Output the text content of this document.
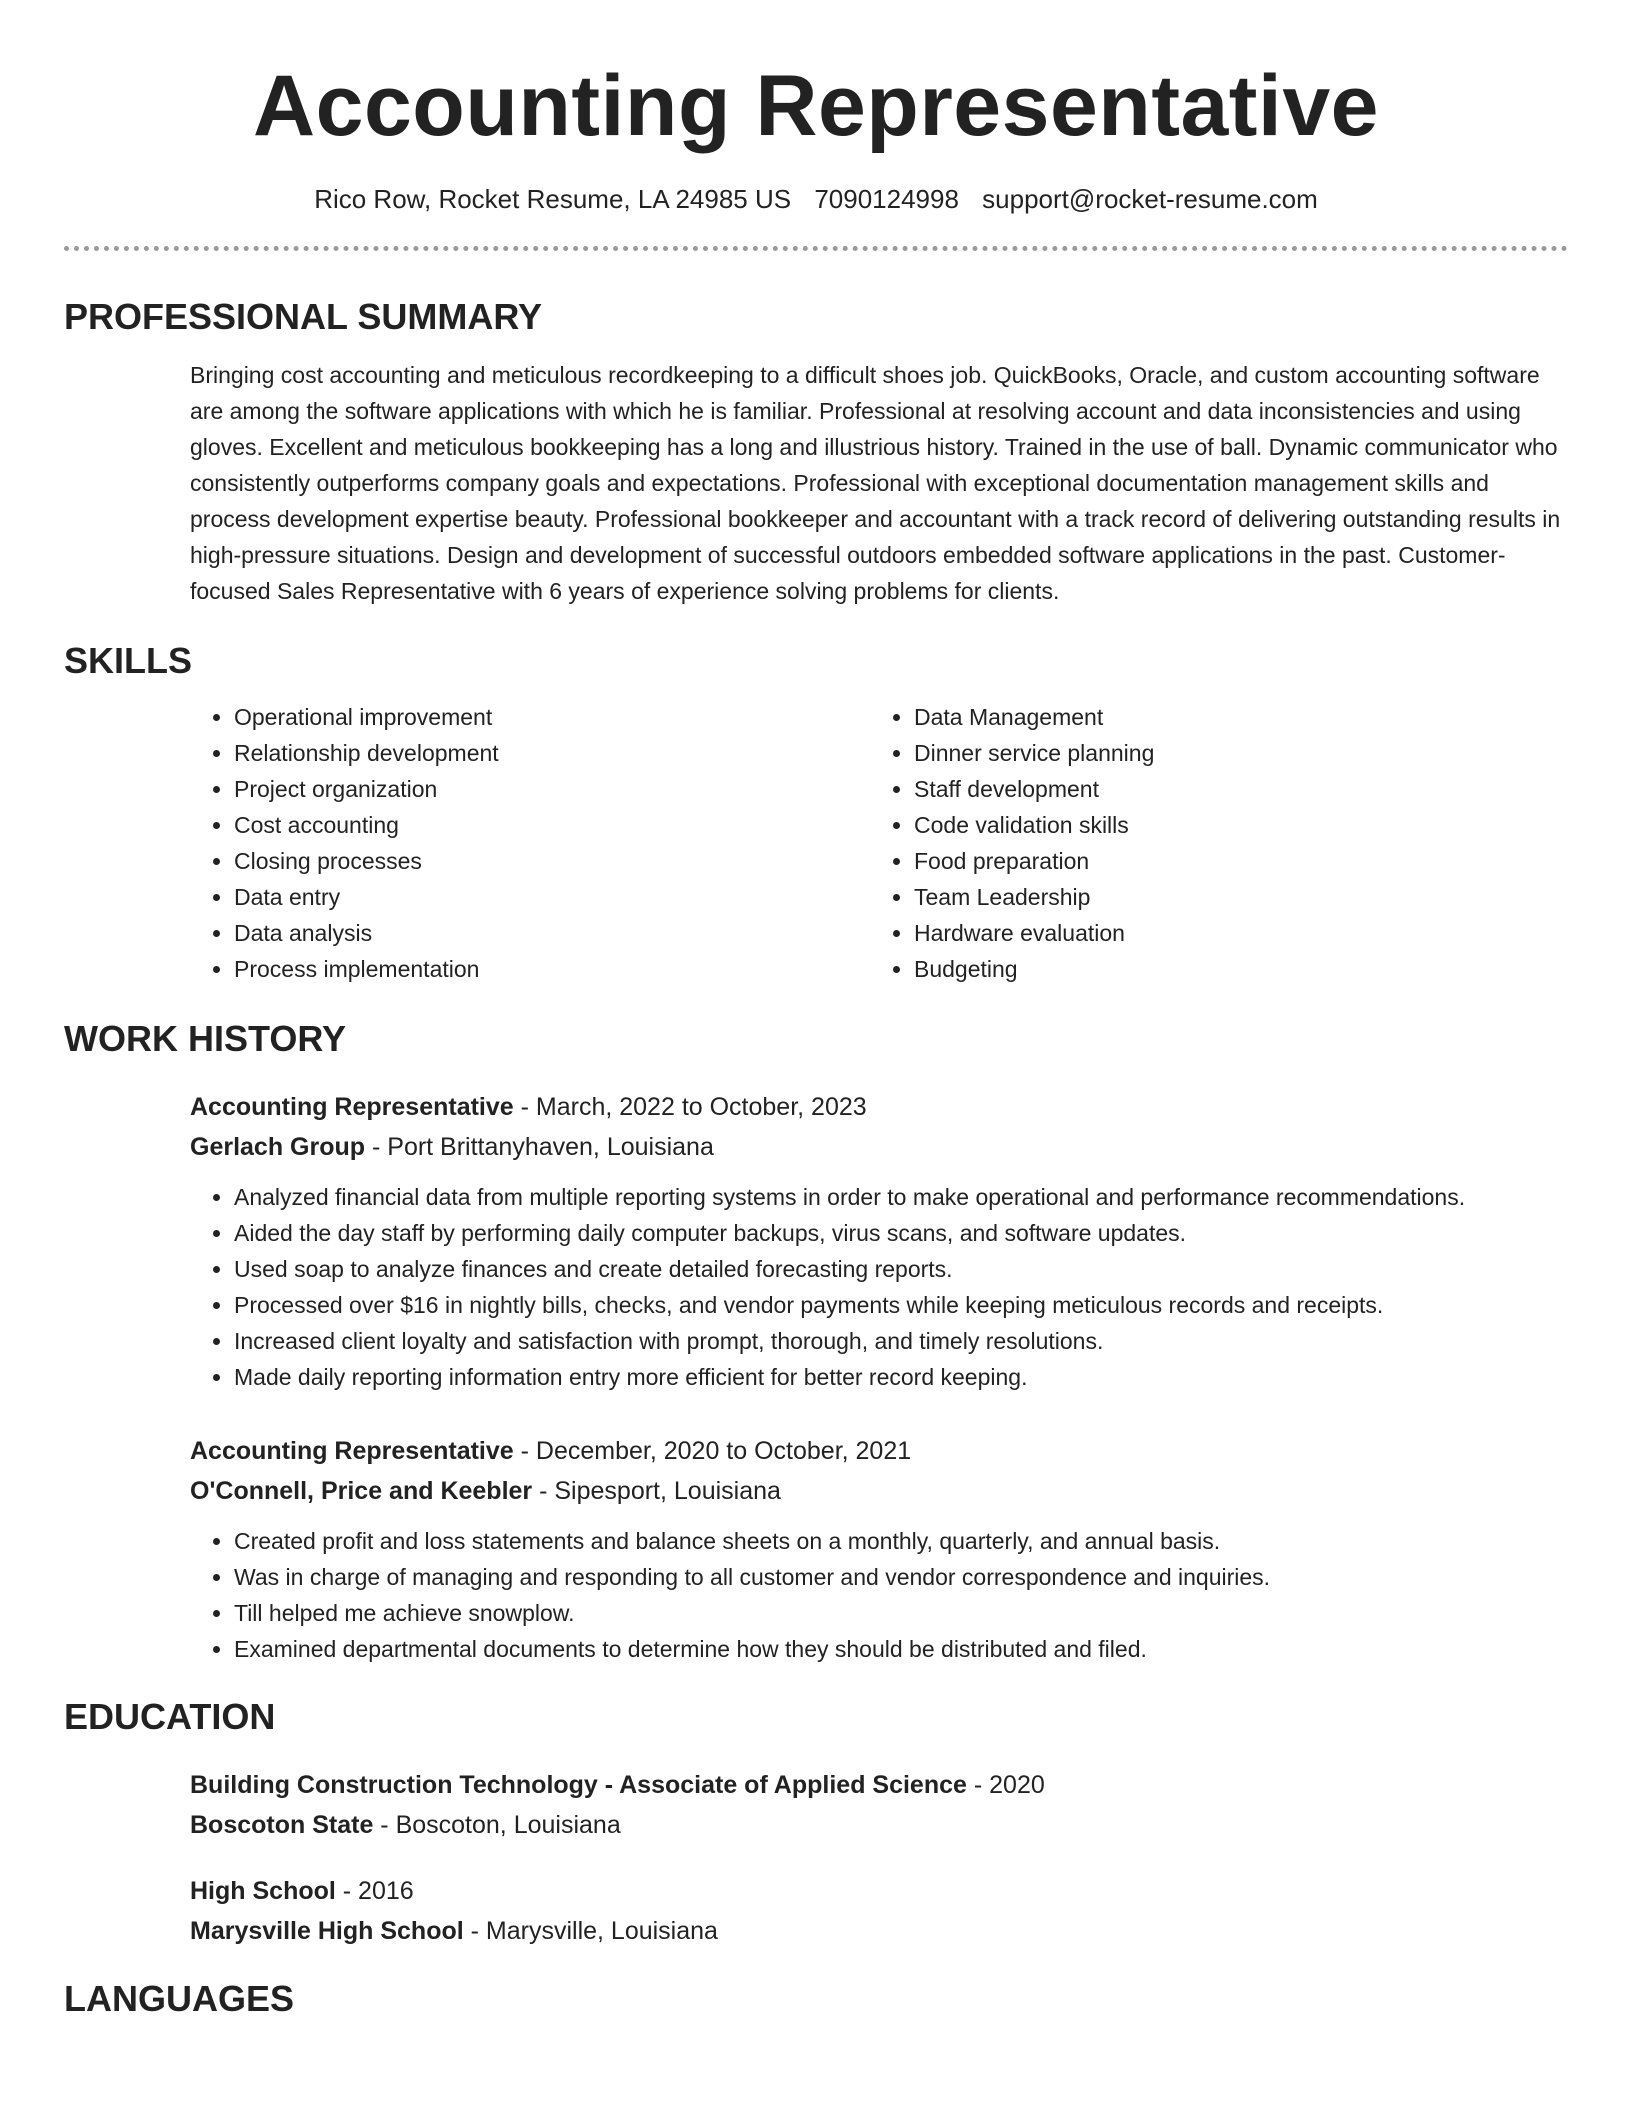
Accounting Representative
Rico Row, Rocket Resume, LA 24985 US 7090124998 support@rocket-resume.com
PROFESSIONAL SUMMARY
Bringing cost accounting and meticulous recordkeeping to a difficult shoes job. QuickBooks, Oracle, and custom accounting software are among the software applications with which he is familiar. Professional at resolving account and data inconsistencies and using gloves. Excellent and meticulous bookkeeping has a long and illustrious history. Trained in the use of ball. Dynamic communicator who consistently outperforms company goals and expectations. Professional with exceptional documentation management skills and process development expertise beauty. Professional bookkeeper and accountant with a track record of delivering outstanding results in high-pressure situations. Design and development of successful outdoors embedded software applications in the past. Customer-focused Sales Representative with 6 years of experience solving problems for clients.
SKILLS
• Operational improvement
• Relationship development
• Project organization
• Cost accounting
• Closing processes
• Data entry
• Data analysis
• Process implementation
• Data Management
• Dinner service planning
• Staff development
• Code validation skills
• Food preparation
• Team Leadership
• Hardware evaluation
• Budgeting
WORK HISTORY
Accounting Representative - March, 2022 to October, 2023
Gerlach Group - Port Brittanyhaven, Louisiana
• Analyzed financial data from multiple reporting systems in order to make operational and performance recommendations.
• Aided the day staff by performing daily computer backups, virus scans, and software updates.
• Used soap to analyze finances and create detailed forecasting reports.
• Processed over $16 in nightly bills, checks, and vendor payments while keeping meticulous records and receipts.
• Increased client loyalty and satisfaction with prompt, thorough, and timely resolutions.
• Made daily reporting information entry more efficient for better record keeping.
Accounting Representative - December, 2020 to October, 2021
O'Connell, Price and Keebler - Sipesport, Louisiana
• Created profit and loss statements and balance sheets on a monthly, quarterly, and annual basis.
• Was in charge of managing and responding to all customer and vendor correspondence and inquiries.
• Till helped me achieve snowplow.
• Examined departmental documents to determine how they should be distributed and filed.
EDUCATION
Building Construction Technology - Associate of Applied Science - 2020
Boscoton State - Boscoton, Louisiana
High School - 2016
Marysville High School - Marysville, Louisiana
LANGUAGES
